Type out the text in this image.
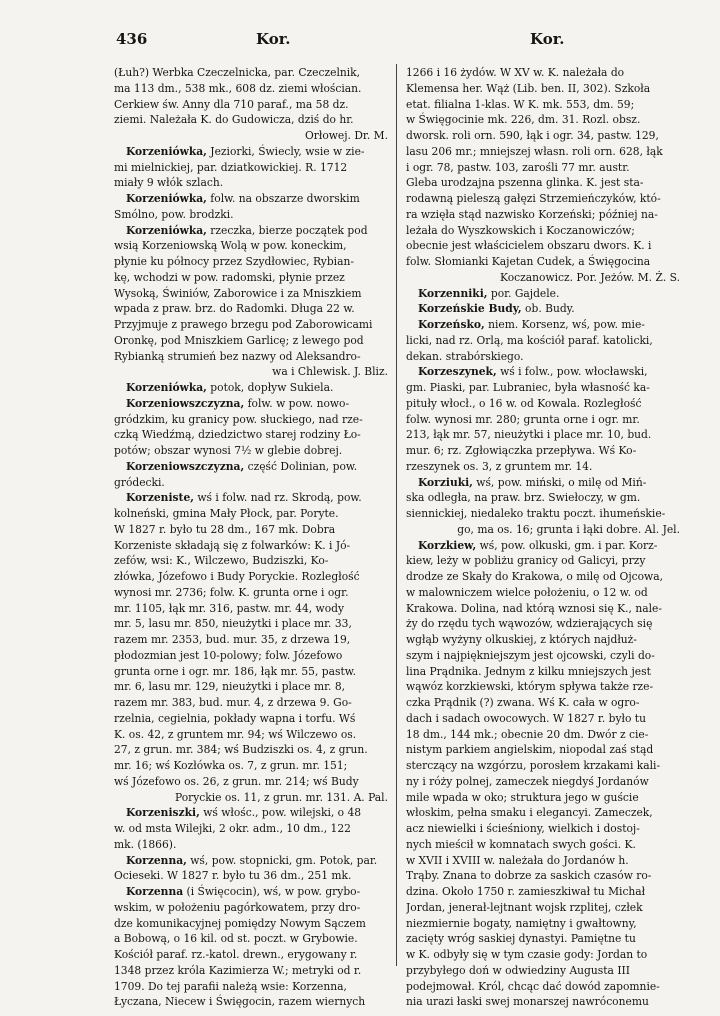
436	Kor.	Kor.
(Łuh?) Werbka Czeczelnicka, par. Czeczelnik,
ma 113 dm., 538 mk., 608 dz. ziemi włościan.
Cerkiew św. Anny dla 710 paraf., ma 58 dz.
ziemi. Należała K. do Gudowicza, dziś do hr.
Orłowej. Dr. M.
Korzeniówka, Jeziorki, Świecly, wsie w zie-
mi mielnickiej, par. dziatkowickiej. R. 1712
miały 9 włók szlach.
Korzeniówka, folw. na obszarze dworskim
Smólno, pow. brodzki.
Korzeniówka, rzeczka, bierze początek pod
wsią Korzeniowską Wolą w pow. koneckim,
płynie ku północy przez Szydłowiec, Rybian-
kę, wchodzi w pow. radomski, płynie przez
Wysoką, Świniów, Zaborowice i za Mniszkiem
wpada z praw. brz. do Radomki. Długa 22 w.
Przyjmuje z prawego brzegu pod Zaborowicami
Oronkę, pod Mniszkiem Garlicę; z lewego pod
Rybianką strumień bez nazwy od Aleksandro-
wa i Chlewisk. J. Bliz.
Korzeniówka, potok, dopływ Sukiela.
Korzeniowszczyzna, folw. w pow. nowo-
gródzkim, ku granicy pow. słuckiego, nad rze-
czką Wiedźmą, dziedzictwo starej rodziny Ło-
potów; obszar wynosi 7½ w glebie dobrej.
Korzeniowszczyzna, część Dolinian, pow.
gródecki.
Korzeniste, wś i folw. nad rz. Skrodą, pow.
kolneński, gmina Mały Płock, par. Poryte.
W 1827 r. było tu 28 dm., 167 mk. Dobra
Korzeniste składają się z folwarków: K. i Jó-
zefów, wsi: K., Wilczewo, Budziszki, Ko-
złówka, Józefowo i Budy Poryckie. Rozległość
wynosi mr. 2736; folw. K. grunta orne i ogr.
mr. 1105, łąk mr. 316, pastw. mr. 44, wody
mr. 5, lasu mr. 850, nieużytki i place mr. 33,
razem mr. 2353, bud. mur. 35, z drzewa 19,
płodozmian jest 10-polowy; folw. Józefowo
grunta orne i ogr. mr. 186, łąk mr. 55, pastw.
mr. 6, lasu mr. 129, nieużytki i place mr. 8,
razem mr. 383, bud. mur. 4, z drzewa 9. Go-
rzelnia, cegielnia, pokłady wapna i torfu. Wś
K. os. 42, z gruntem mr. 94; wś Wilczewo os.
27, z grun. mr. 384; wś Budziszki os. 4, z grun.
mr. 16; wś Kozłówka os. 7, z grun. mr. 151;
wś Józefowo os. 26, z grun. mr. 214; wś Budy
Poryckie os. 11, z grun. mr. 131. A. Pal.
Korzeniszki, wś włośc., pow. wilejski, o 48
w. od msta Wilejki, 2 okr. adm., 10 dm., 122
mk. (1866).
Korzenna, wś, pow. stopnicki, gm. Potok, par.
Ocieseki. W 1827 r. było tu 36 dm., 251 mk.
Korzenna (i Święcocin), wś, w pow. grybo-
wskim, w położeniu pagórkowatem, przy dro-
dze komunikacyjnej pomiędzy Nowym Sączem
a Bobową, o 16 kil. od st. poczt. w Grybowie.
Kościół paraf. rz.-katol. drewn., erygowany r.
1348 przez króla Kazimierza W.; metryki od r.
1709. Do tej parafii należą wsie: Korzenna,
Łyczana, Niecew i Święgocin, razem wiernych
1266 i 16 żydów. W XV w. K. należała do
Klemensa her. Wąż (Lib. ben. II, 302). Szkoła
etat. filialna 1-klas. W K. mk. 553, dm. 59;
w Święgocinie mk. 226, dm. 31. Rozl. obsz.
dworsk. roli orn. 590, łąk i ogr. 34, pastw. 129,
lasu 206 mr.; mniejszej własn. roli orn. 628, łąk
i ogr. 78, pastw. 103, zarośli 77 mr. austr.
Gleba urodzajna pszenna glinka. K. jest sta-
rodawną pieleszą gałęzi Strzemieńczyków, któ-
ra wzięła stąd nazwisko Korzeński; później na-
leżała do Wyszkowskich i Koczanowiczów;
obecnie jest właścicielem obszaru dwors. K. i
folw. Słomianki Kajetan Cudek, a Święgocina
Koczanowicz. Por. Jeżów. M. Ż. S.
Korzenniki, por. Gajdele.
Korzeńskie Budy, ob. Budy.
Korzeńsko, niem. Korsenz, wś, pow. mie-
licki, nad rz. Orlą, ma kościół paraf. katolicki,
dekan. strabórskiego.
Korzeszynek, wś i folw., pow. włocławski,
gm. Piaski, par. Lubraniec, była własność ka-
pituły włocł., o 16 w. od Kowala. Rozległość
folw. wynosi mr. 280; grunta orne i ogr. mr.
213, łąk mr. 57, nieużytki i place mr. 10, bud.
mur. 6; rz. Zgłowiączka przepływa. Wś Ko-
rzeszynek os. 3, z gruntem mr. 14.
Korziuki, wś, pow. miński, o milę od Miń-
ska odległa, na praw. brz. Swiełoczy, w gm.
siennickiej, niedaleko traktu poczt. ihumeńskie-
go, ma os. 16; grunta i łąki dobre. Al. Jel.
Korzkiew, wś, pow. olkuski, gm. i par. Korz-
kiew, leży w pobliżu granicy od Galicyi, przy
drodze ze Skały do Krakowa, o milę od Ojcowa,
w malowniczem wielce położeniu, o 12 w. od
Krakowa. Dolina, nad którą wznosi się K., nale-
ży do rzędu tych wąwozów, wdzierających się
wgłąb wyżyny olkuskiej, z których najdłuż-
szym i najpiękniejszym jest ojcowski, czyli do-
lina Prądnika. Jednym z kilku mniejszych jest
wąwóz korzkiewski, którym spływa także rze-
czka Prądnik (?) zwana. Wś K. cała w ogro-
dach i sadach owocowych. W 1827 r. było tu
18 dm., 144 mk.; obecnie 20 dm. Dwór z cie-
nistym parkiem angielskim, niopodal zaś stąd
sterczący na wzgórzu, porosłem krzakami kali-
ny i róży polnej, zameczek niegdyś Jordanów
mile wpada w oko; struktura jego w guście
włoskim, pełna smaku i elegancyi. Zameczek,
acz niewielki i ścieśniony, wielkich i dostoj-
nych mieścił w komnatach swych gości. K.
w XVII i XVIII w. należała do Jordanów h.
Trąby. Znana to dobrze za saskich czasów ro-
dzina. Około 1750 r. zamieszkiwał tu Michał
Jordan, jenerał-lejtnant wojsk rzplitej, człek
niezmiernie bogaty, namiętny i gwałtowny,
zacięty wróg saskiej dynastyi. Pamiętne tu
w K. odbyły się w tym czasie gody: Jordan to
przybyłego doń w odwiedziny Augusta III
podejmował. Król, chcąc dać dowód zapomnie-
nia urazi łaski swej monarszej nawróconemu
